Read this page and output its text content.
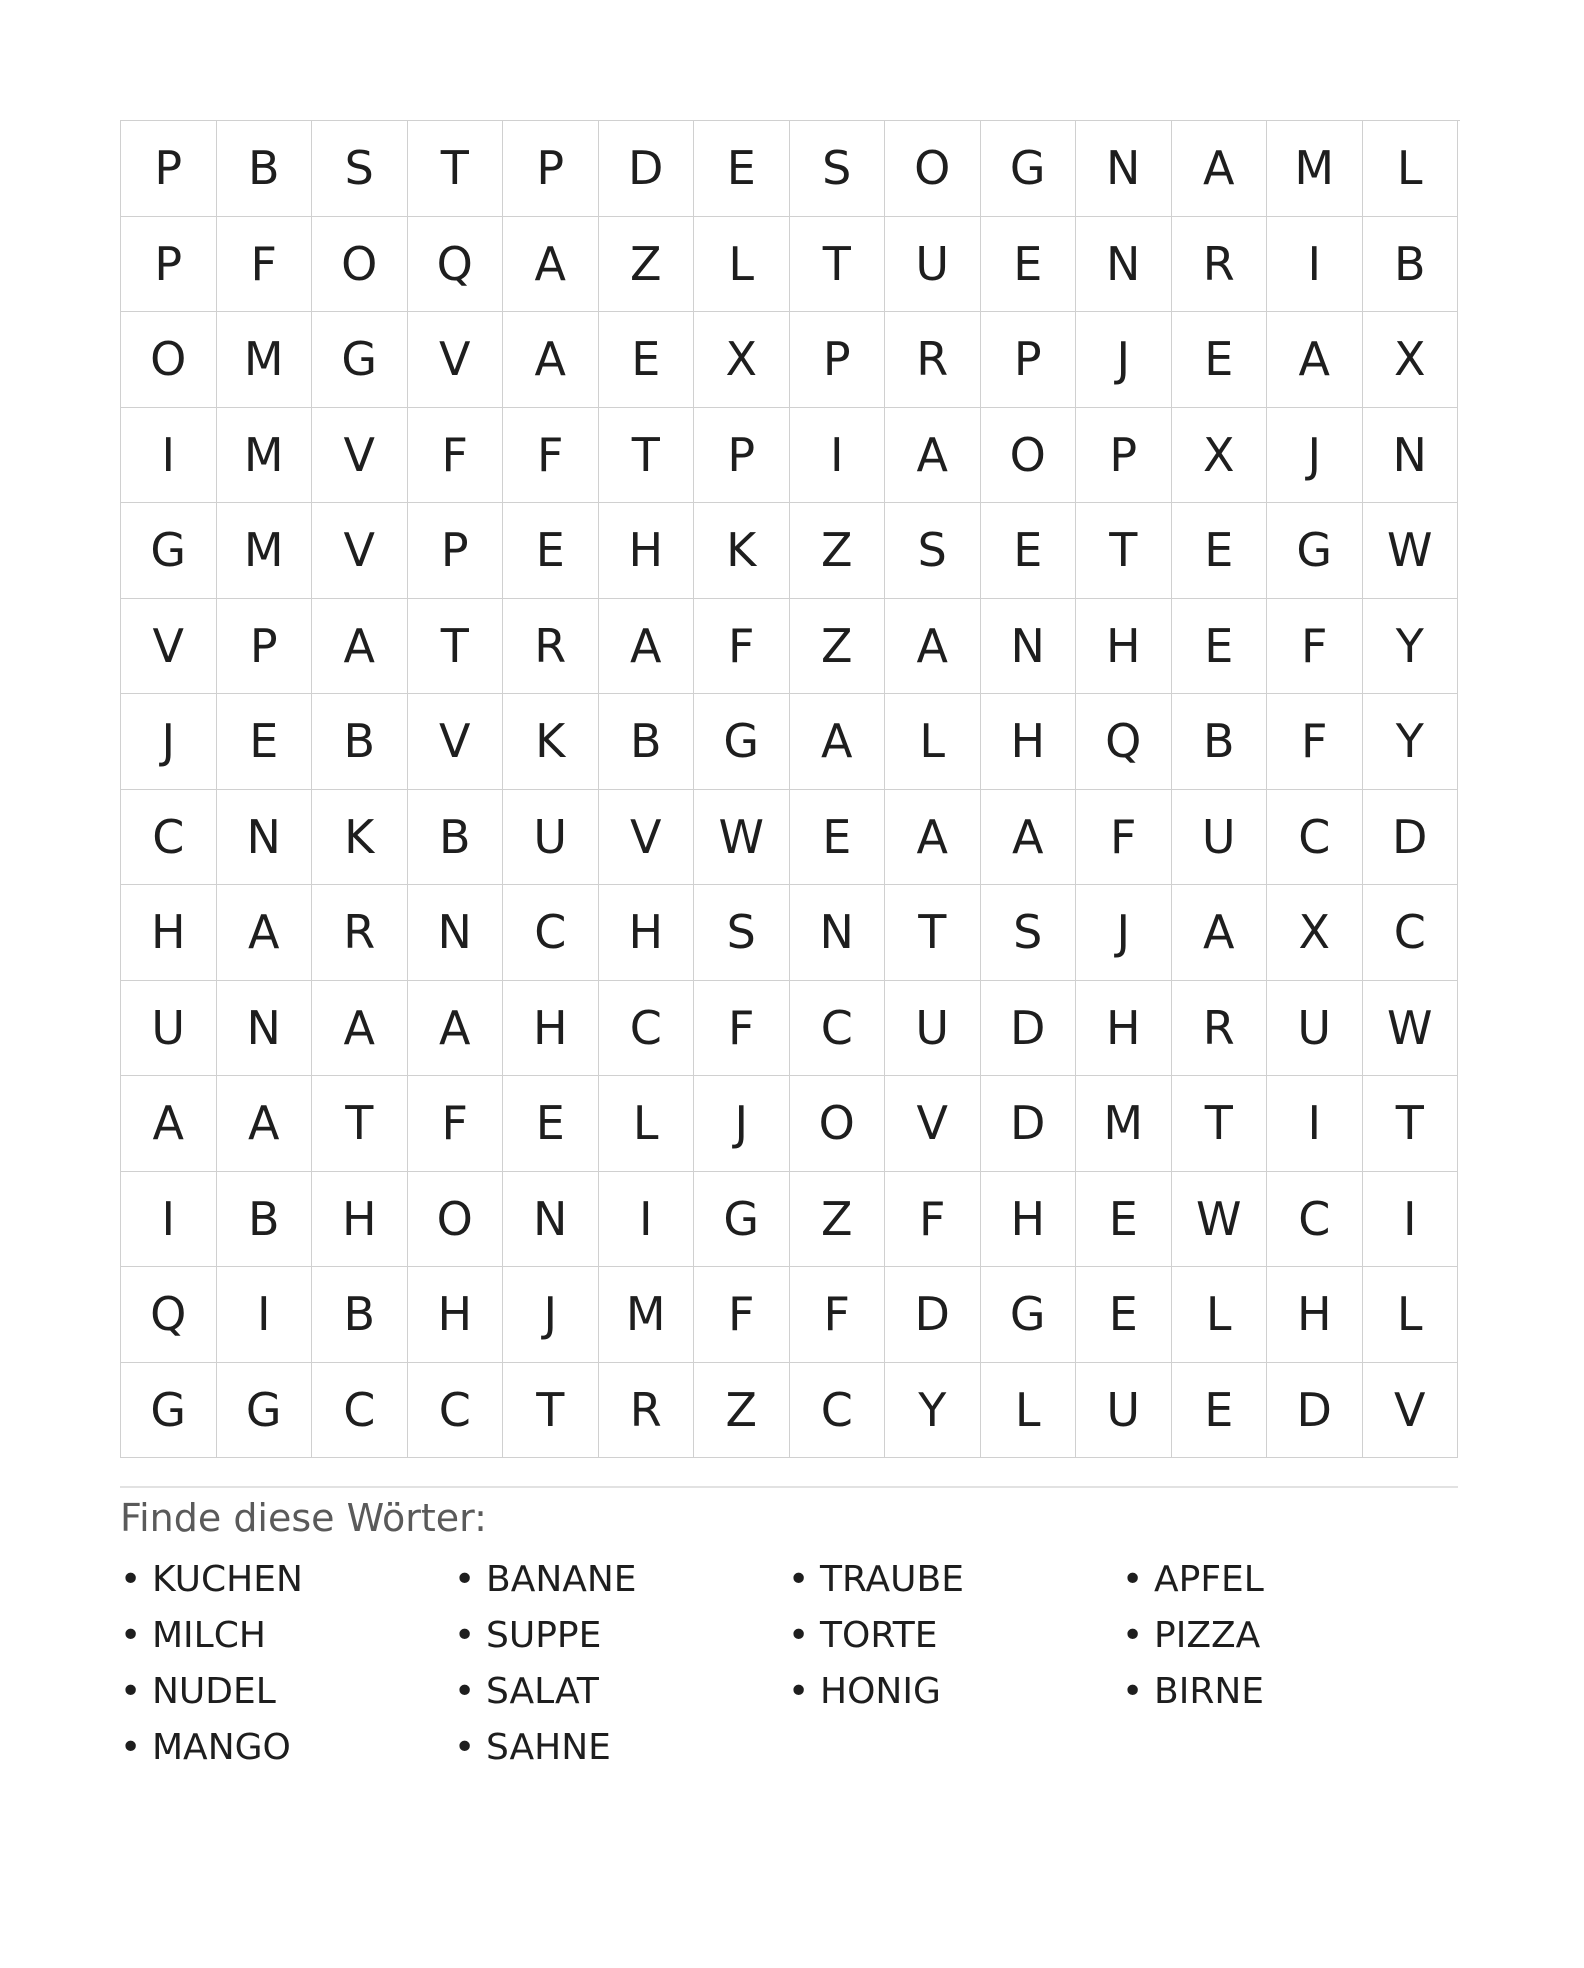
P	B	S	T	P	D	E	S	O	G	N	A	M	L
P	F	O	Q	A	Z	L	T	U	E	N	R	I	B
O	M	G	V	A	E	X	P	R	P	J	E	A	X
I	M	V	F	F	T	P	I	A	O	P	X	J	N
G	M	V	P	E	H	K	Z	S	E	T	E	G	W
V	P	A	T	R	A	F	Z	A	N	H	E	F	Y
J	E	B	V	K	B	G	A	L	H	Q	B	F	Y
C	N	K	B	U	V	W	E	A	A	F	U	C	D
H	A	R	N	C	H	S	N	T	S	J	A	X	C
U	N	A	A	H	C	F	C	U	D	H	R	U	W
A	A	T	F	E	L	J	O	V	D	M	T	I	T
I	B	H	O	N	I	G	Z	F	H	E	W	C	I
Q	I	B	H	J	M	F	F	D	G	E	L	H	L
G	G	C	C	T	R	Z	C	Y	L	U	E	D	V
Finde diese Wörter:
• KUCHEN	• BANANE	• TRAUBE	• APFEL
• MILCH	• SUPPE	• TORTE	• PIZZA
• NUDEL	• SALAT	• HONIG	• BIRNE
• MANGO	• SAHNE
